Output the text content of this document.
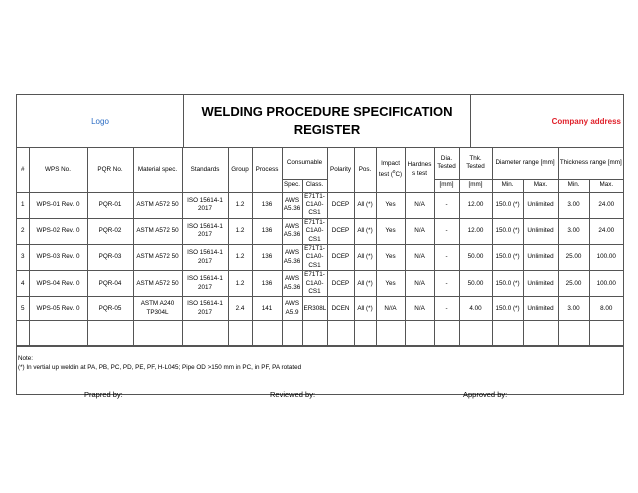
Logo
WELDING PROCEDURE SPECIFICATION
REGISTER
Company address
#	WPS No.	PQR No.	Material spec.	Standards	Group	Process	Consumable		Polarity	Pos.	Impact
test ($^0$C)	Hardnes s test	Dia. Tested	Thk. Tested	Diameter range [mm]		Thickness range [mm]	
							Spec.	Class.					[mm]	[mm]	Min.	Max.	Min.	Max.
1	WPS-01 Rev. 0	PQR-01	ASTM A572 50	ISO 15614-1 2017	1.2	136	AWS A5.36	E71T1-C1A0-CS1	DCEP	All (*)	Yes	N/A	-	12.00	150.0 (*)	Unlimited	3.00	24.00
2	WPS-02 Rev. 0	PQR-02	ASTM A572 50	ISO 15614-1 2017	1.2	136	AWS A5.36	E71T1-C1A0-CS1	DCEP	All (*)	Yes	N/A	-	12.00	150.0 (*)	Unlimited	3.00	24.00
3	WPS-03 Rev. 0	PQR-03	ASTM A572 50	ISO 15614-1 2017	1.2	136	AWS A5.36	E71T1-C1A0-CS1	DCEP	All (*)	Yes	N/A	-	50.00	150.0 (*)	Unlimited	25.00	100.00
4	WPS-04 Rev. 0	PQR-04	ASTM A572 50	ISO 15614-1 2017	1.2	136	AWS A5.36	E71T1-C1A0-CS1	DCEP	All (*)	Yes	N/A	-	50.00	150.0 (*)	Unlimited	25.00	100.00
5	WPS-05 Rev. 0	PQR-05	ASTM A240 TP304L	ISO 15614-1 2017	2.4	141	AWS A5.9	ER308L	DCEN	All (*)	N//A	N/A	-	4.00	150.0 (*)	Unlimited	3.00	8.00

Note:
(*) In vertial up weldin at PA, PB, PC, PD, PE, PF, H-L045; Pipe OD >150 mm in PC, in PF, PA rotated
Prapred by:	Reviewed by:	Approved by:
